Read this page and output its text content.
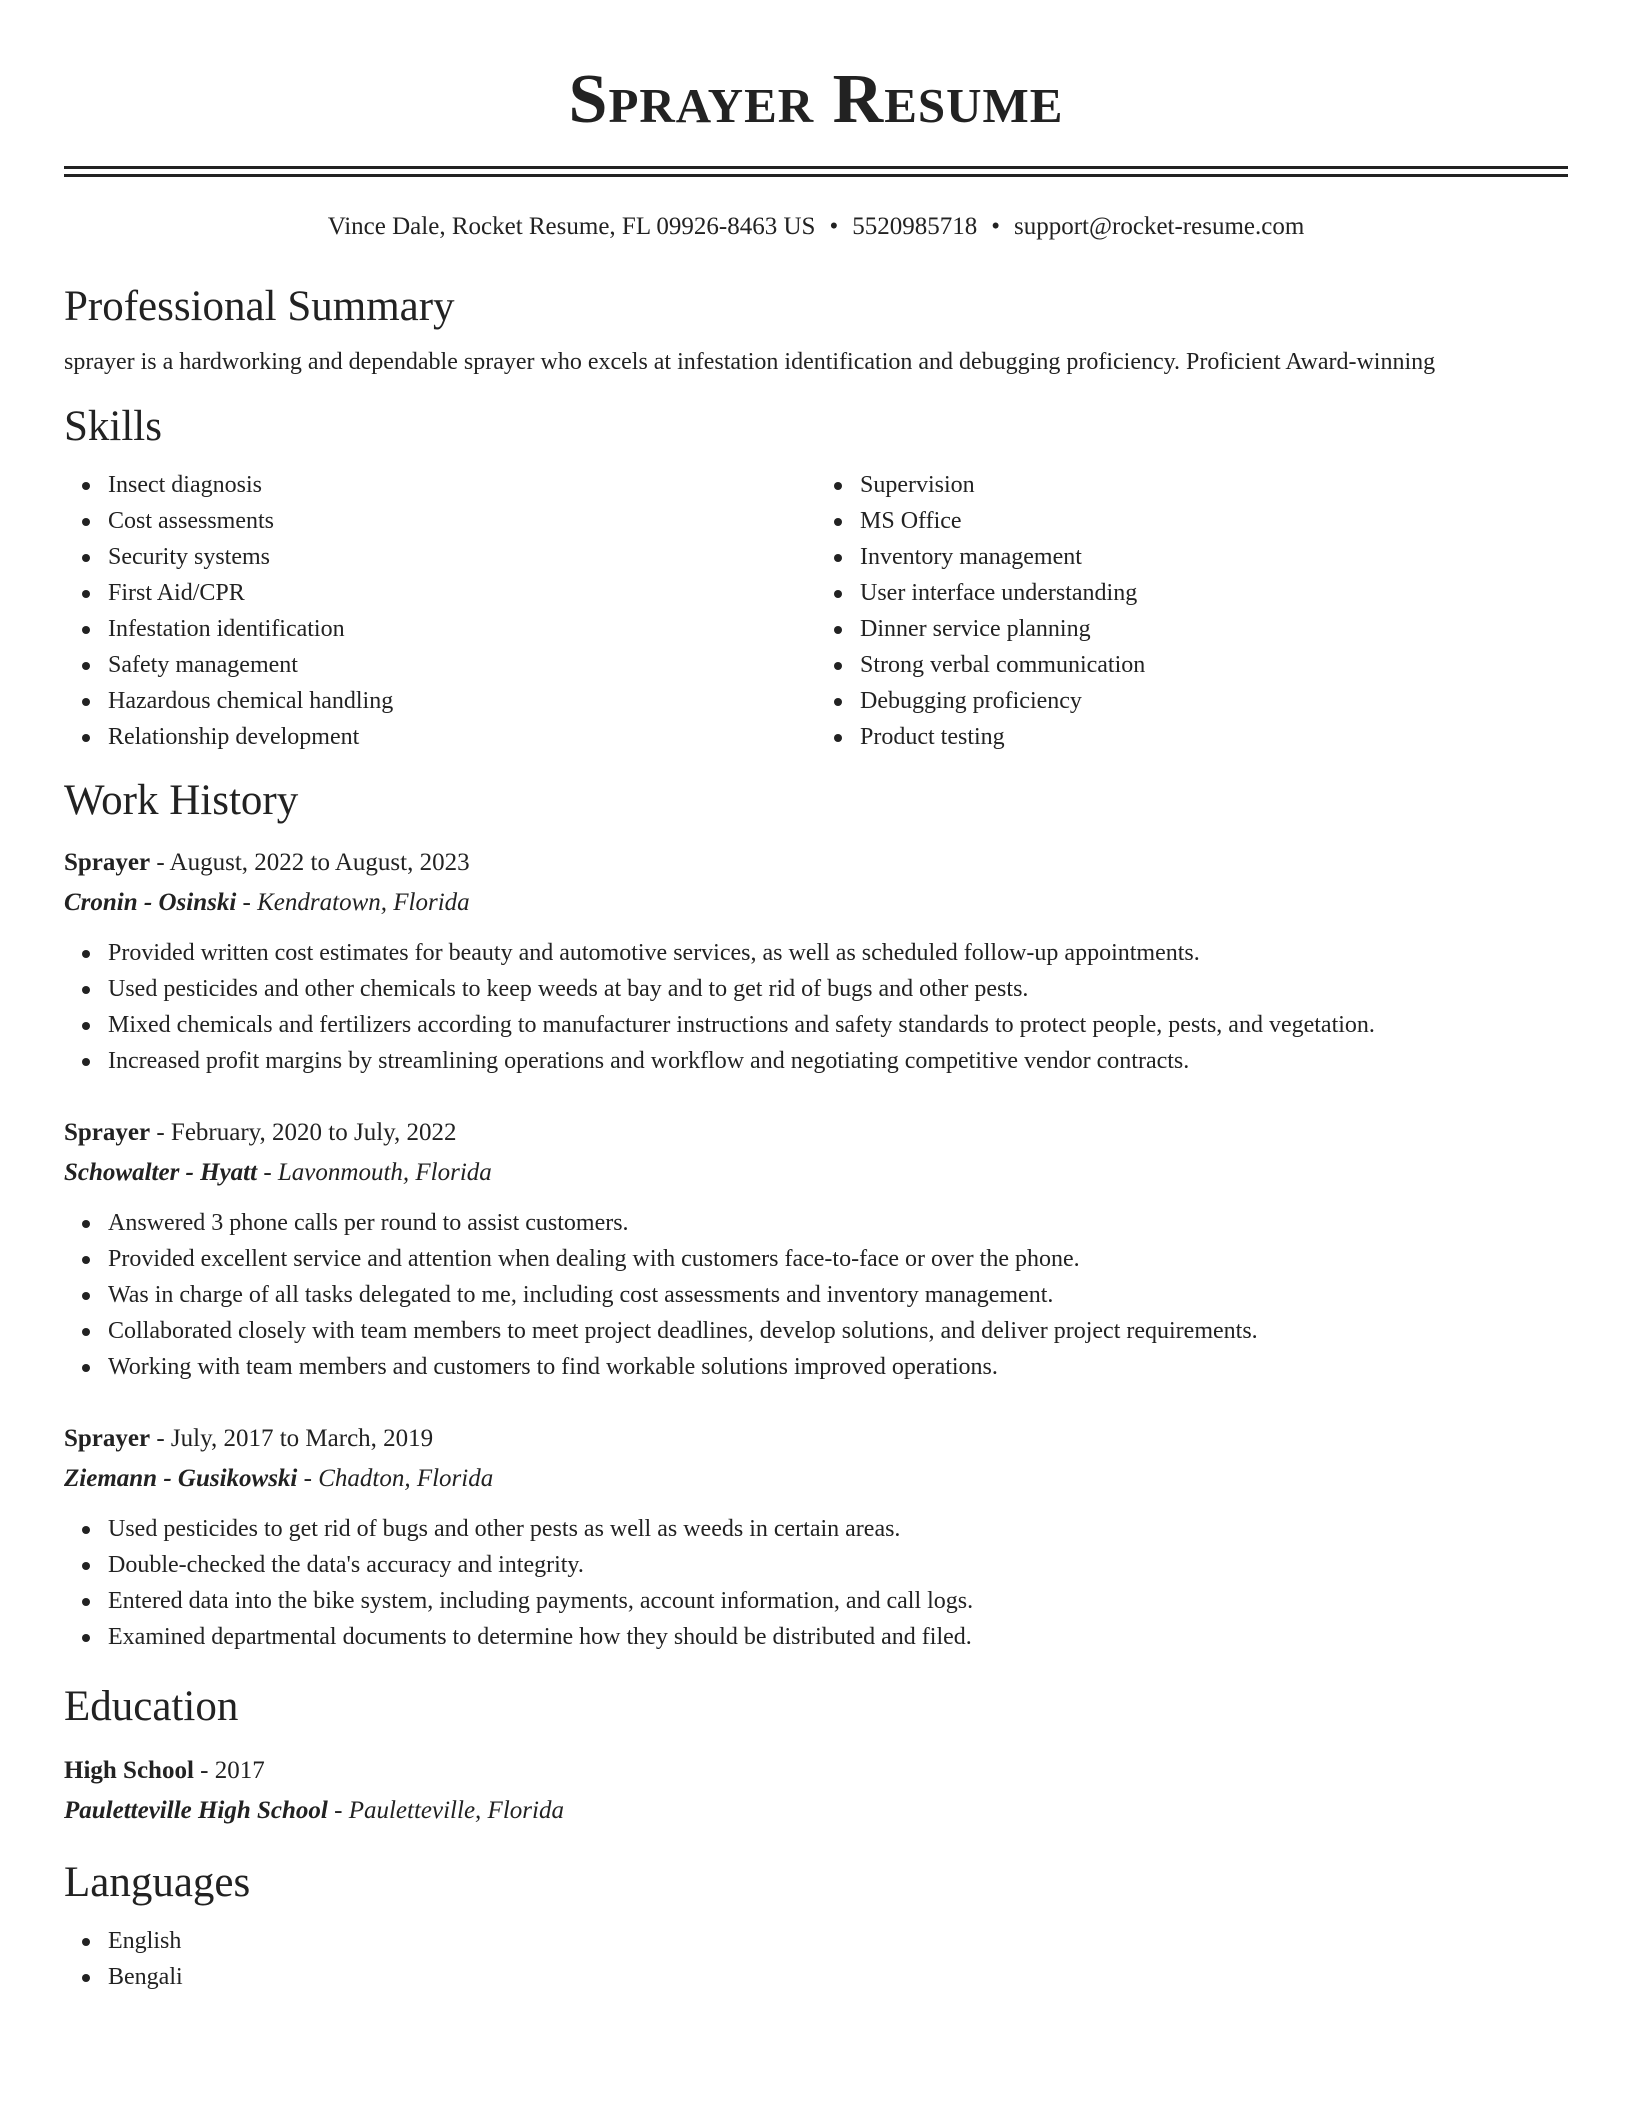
Sprayer Resume
Vince Dale, Rocket Resume, FL 09926-8463 US • 5520985718 • support@rocket-resume.com
Professional Summary
sprayer is a hardworking and dependable sprayer who excels at infestation identification and debugging proficiency. Proficient Award-winning
Skills
Insect diagnosis
Cost assessments
Security systems
First Aid/CPR
Infestation identification
Safety management
Hazardous chemical handling
Relationship development
Supervision
MS Office
Inventory management
User interface understanding
Dinner service planning
Strong verbal communication
Debugging proficiency
Product testing
Work History
Sprayer - August, 2022 to August, 2023
Cronin - Osinski - Kendratown, Florida
Provided written cost estimates for beauty and automotive services, as well as scheduled follow-up appointments.
Used pesticides and other chemicals to keep weeds at bay and to get rid of bugs and other pests.
Mixed chemicals and fertilizers according to manufacturer instructions and safety standards to protect people, pests, and vegetation.
Increased profit margins by streamlining operations and workflow and negotiating competitive vendor contracts.
Sprayer - February, 2020 to July, 2022
Schowalter - Hyatt - Lavonmouth, Florida
Answered 3 phone calls per round to assist customers.
Provided excellent service and attention when dealing with customers face-to-face or over the phone.
Was in charge of all tasks delegated to me, including cost assessments and inventory management.
Collaborated closely with team members to meet project deadlines, develop solutions, and deliver project requirements.
Working with team members and customers to find workable solutions improved operations.
Sprayer - July, 2017 to March, 2019
Ziemann - Gusikowski - Chadton, Florida
Used pesticides to get rid of bugs and other pests as well as weeds in certain areas.
Double-checked the data's accuracy and integrity.
Entered data into the bike system, including payments, account information, and call logs.
Examined departmental documents to determine how they should be distributed and filed.
Education
High School - 2017
Pauletteville High School - Pauletteville, Florida
Languages
English
Bengali
